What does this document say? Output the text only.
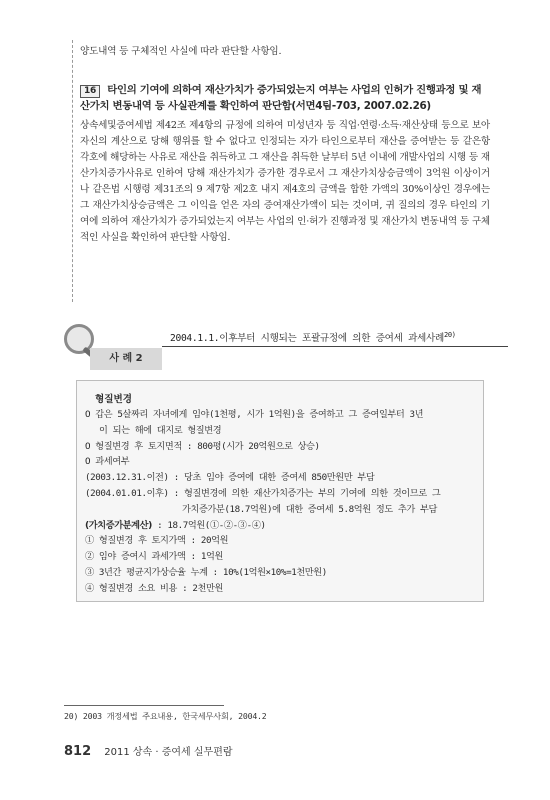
양도내역 등 구체적인 사실에 따라 판단할 사항임.

16 타인의 기여에 의하여 재산가치가 증가되었는지 여부는 사업의 인허가 진행과정 및 재산가치 변동내역 등 사실관계를 확인하여 판단함(서면4팀-703, 2007.02.26)

상속세및증여세법 제42조 제4항의 규정에 의하여 미성년자 등 직업·연령·소득·재산상태 등으로 보아 자신의 계산으로 당해 행위를 할 수 없다고 인정되는 자가 타인으로부터 재산을 증여받는 등 같은항 각호에 해당하는 사유로 재산을 취득하고 그 재산을 취득한 날부터 5년 이내에 개발사업의 시행 등 재산가치증가사유로 인하여 당해 재산가치가 증가한 경우로서 그 재산가치상승금액이 3억원 이상이거나 같은법 시행령 제31조의 9 제7항 제2호 내지 제4호의 금액을 합한 가액의 30%이상인 경우에는 그 재산가치상승금액은 그 이익을 얻은 자의 증여재산가액이 되는 것이며, 귀 질의의 경우 타인의 기여에 의하여 재산가치가 증가되었는지 여부는 사업의 인·허가 진행과정 및 재산가치 변동내역 등 구체적인 사실을 확인하여 판단할 사항임.

사 례 2
2004.1.1.이후부터 시행되는 포괄규정에 의한 증여세 과세사례$^{20)}$
형질변경
O 갑은 5살짜리 자녀에게 임야(1천평, 시가 1억원)을 증여하고 그 증여일부터 3년
이 되는 해에 대지로 형질변경
O 형질변경 후 토지면적 : 800평(시가 20억원으로 상승)
O 과세여부
(2003.12.31.이전) : 당초 임야 증여에 대한 증여세 850만원만 부담
(2004.01.01.이후) : 형질변경에 의한 재산가치증가는 부의 기여에 의한 것이므로 그
가치증가분(18.7억원)에 대한 증여세 5.8억원 정도 추가 부담
(가치증가분계산) : 18.7억원(①-②-③-④)
① 형질변경 후 토지가액 : 20억원
② 임야 증여시 과세가액 : 1억원
③ 3년간 평균지가상승율 누계 : 10%(1억원×10%=1천만원)
④ 형질변경 소요 비용 : 2천만원
20) 2003 개정세법 주요내용, 한국세무사회, 2004.2
812 2011 상속 · 증여세 실무편람
